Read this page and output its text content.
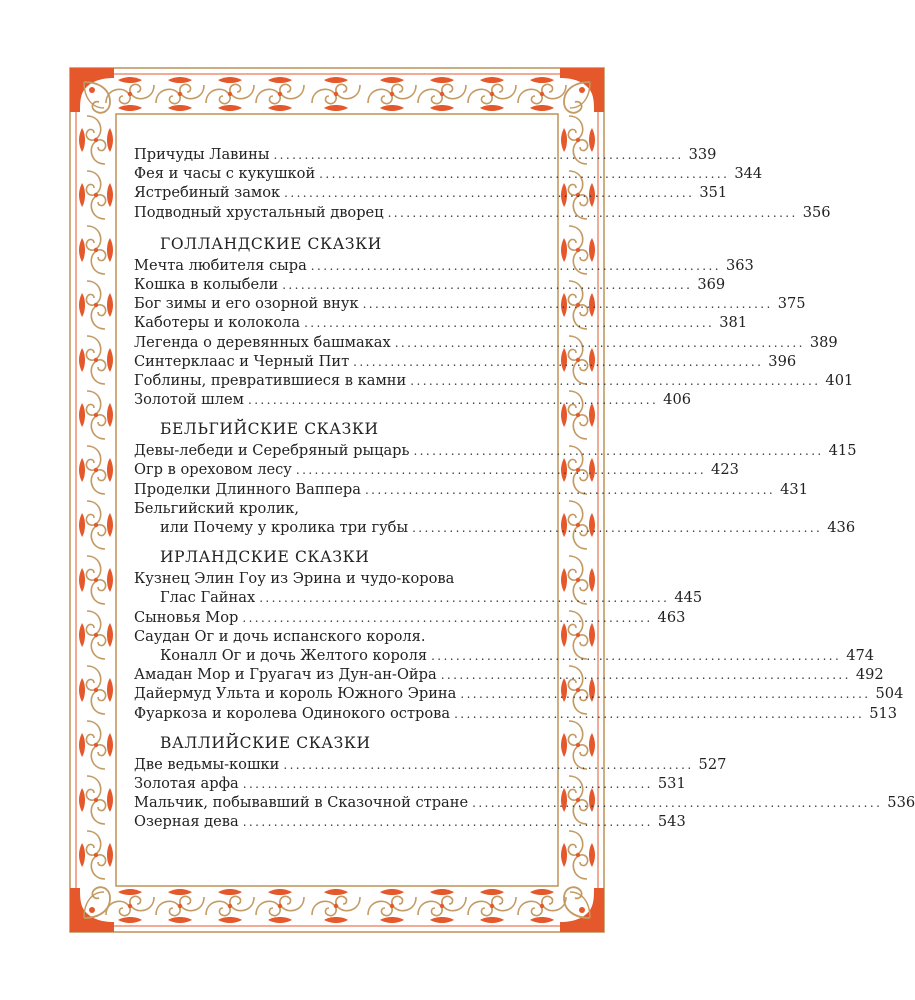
Причуды Лавины .................................................................. 339
Фея и часы с кукушкой .................................................................. 344
Ястребиный замок .................................................................. 351
Подводный хрустальный дворец .................................................................. 356
ГОЛЛАНДСКИЕ СКАЗКИ
Мечта любителя сыра .................................................................. 363
Кошка в колыбели .................................................................. 369
Бог зимы и его озорной внук .................................................................. 375
Каботеры и колокола .................................................................. 381
Легенда о деревянных башмаках .................................................................. 389
Синтерклаас и Черный Пит .................................................................. 396
Гоблины, превратившиеся в камни .................................................................. 401
Золотой шлем .................................................................. 406
БЕЛЬГИЙСКИЕ СКАЗКИ
Девы-лебеди и Серебряный рыцарь .................................................................. 415
Огр в ореховом лесу .................................................................. 423
Проделки Длинного Ваппера .................................................................. 431
Бельгийский кролик,
или Почему у кролика три губы .................................................................. 436
ИРЛАНДСКИЕ СКАЗКИ
Кузнец Элин Гоу из Эрина и чудо-корова
Глас Гайнах .................................................................. 445
Сыновья Мор .................................................................. 463
Саудан Ог и дочь испанского короля.
Коналл Ог и дочь Желтого короля .................................................................. 474
Амадан Мор и Груагач из Дун-ан-Ойра .................................................................. 492
Дайермуд Ульта и король Южного Эрина .................................................................. 504
Фуаркоза и королева Одинокого острова .................................................................. 513
ВАЛЛИЙСКИЕ СКАЗКИ
Две ведьмы-кошки .................................................................. 527
Золотая арфа .................................................................. 531
Мальчик, побывавший в Сказочной стране .................................................................. 536
Озерная дева .................................................................. 543
